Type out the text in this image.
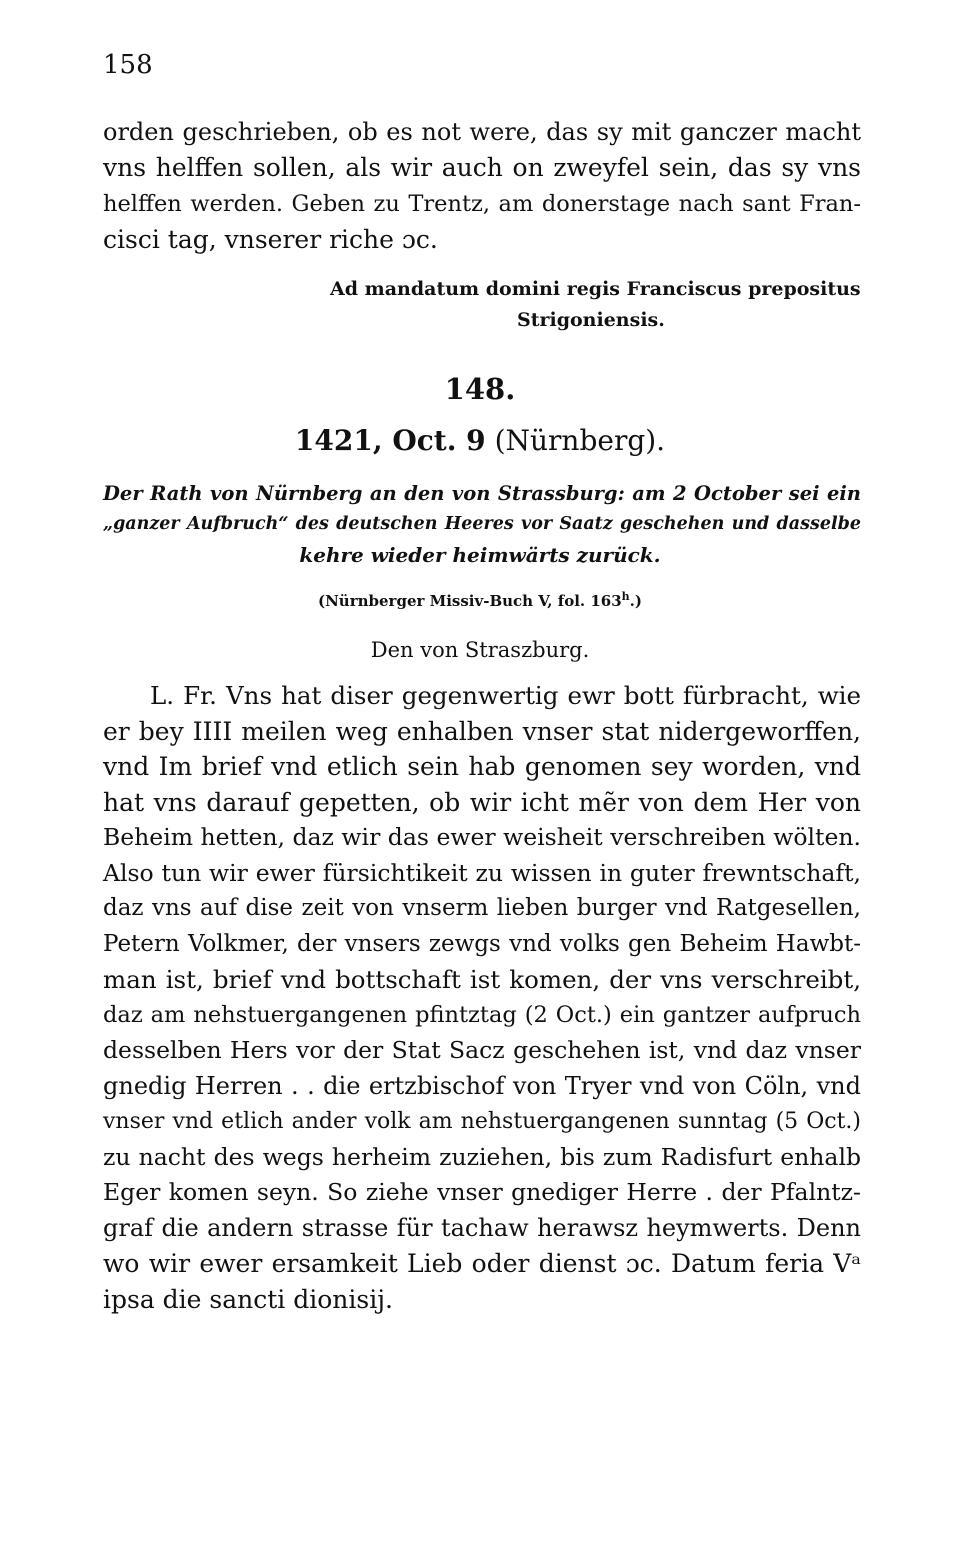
158

orden geschrieben, ob es not were, das sy mit ganczer macht

vns helffen sollen, als wir auch on zweyfel sein, das sy vns

helffen werden. Geben zu Trentz, am donerstage nach sant Fran-

cisci tag, vnserer riche ɔc.

Ad mandatum domini regis Franciscus prepositus
Strigoniensis.

148.

1421, Oct. 9 (Nürnberg).

Der Rath von Nürnberg an den von Strassburg: am 2 October sei ein

„ganzer Aufbruch“ des deutschen Heeres vor Saatz geschehen und dasselbe

kehre wieder heimwärts zurück.

(Nürnberger Missiv-Buch V, fol. 163$^h$.)

Den von Straszburg.

L. Fr. Vns hat diser gegenwertig ewr bott fürbracht, wie

er bey IIII meilen weg enhalben vnser stat nidergeworffen,

vnd Im brief vnd etlich sein hab genomen sey worden, vnd

hat vns darauf gepetten, ob wir icht mẽr von dem Her von

Beheim hetten, daz wir das ewer weisheit verschreiben wölten.

Also tun wir ewer fürsichtikeit zu wissen in guter frewntschaft,

daz vns auf dise zeit von vnserm lieben burger vnd Ratgesellen,

Petern Volkmer, der vnsers zewgs vnd volks gen Beheim Hawbt-

man ist, brief vnd bottschaft ist komen, der vns verschreibt,

daz am nehstuergangenen pfintztag (2 Oct.) ein gantzer aufpruch

desselben Hers vor der Stat Sacz geschehen ist, vnd daz vnser

gnedig Herren . . die ertzbischof von Tryer vnd von Cöln, vnd

vnser vnd etlich ander volk am nehstuergangenen sunntag (5 Oct.)

zu nacht des wegs herheim zuziehen, bis zum Radisfurt enhalb

Eger komen seyn. So ziehe vnser gnediger Herre . der Pfalntz-

graf die andern strasse für tachaw herawsz heymwerts. Denn

wo wir ewer ersamkeit Lieb oder dienst ɔc. Datum feria Vᵃ

ipsa die sancti dionisij.
